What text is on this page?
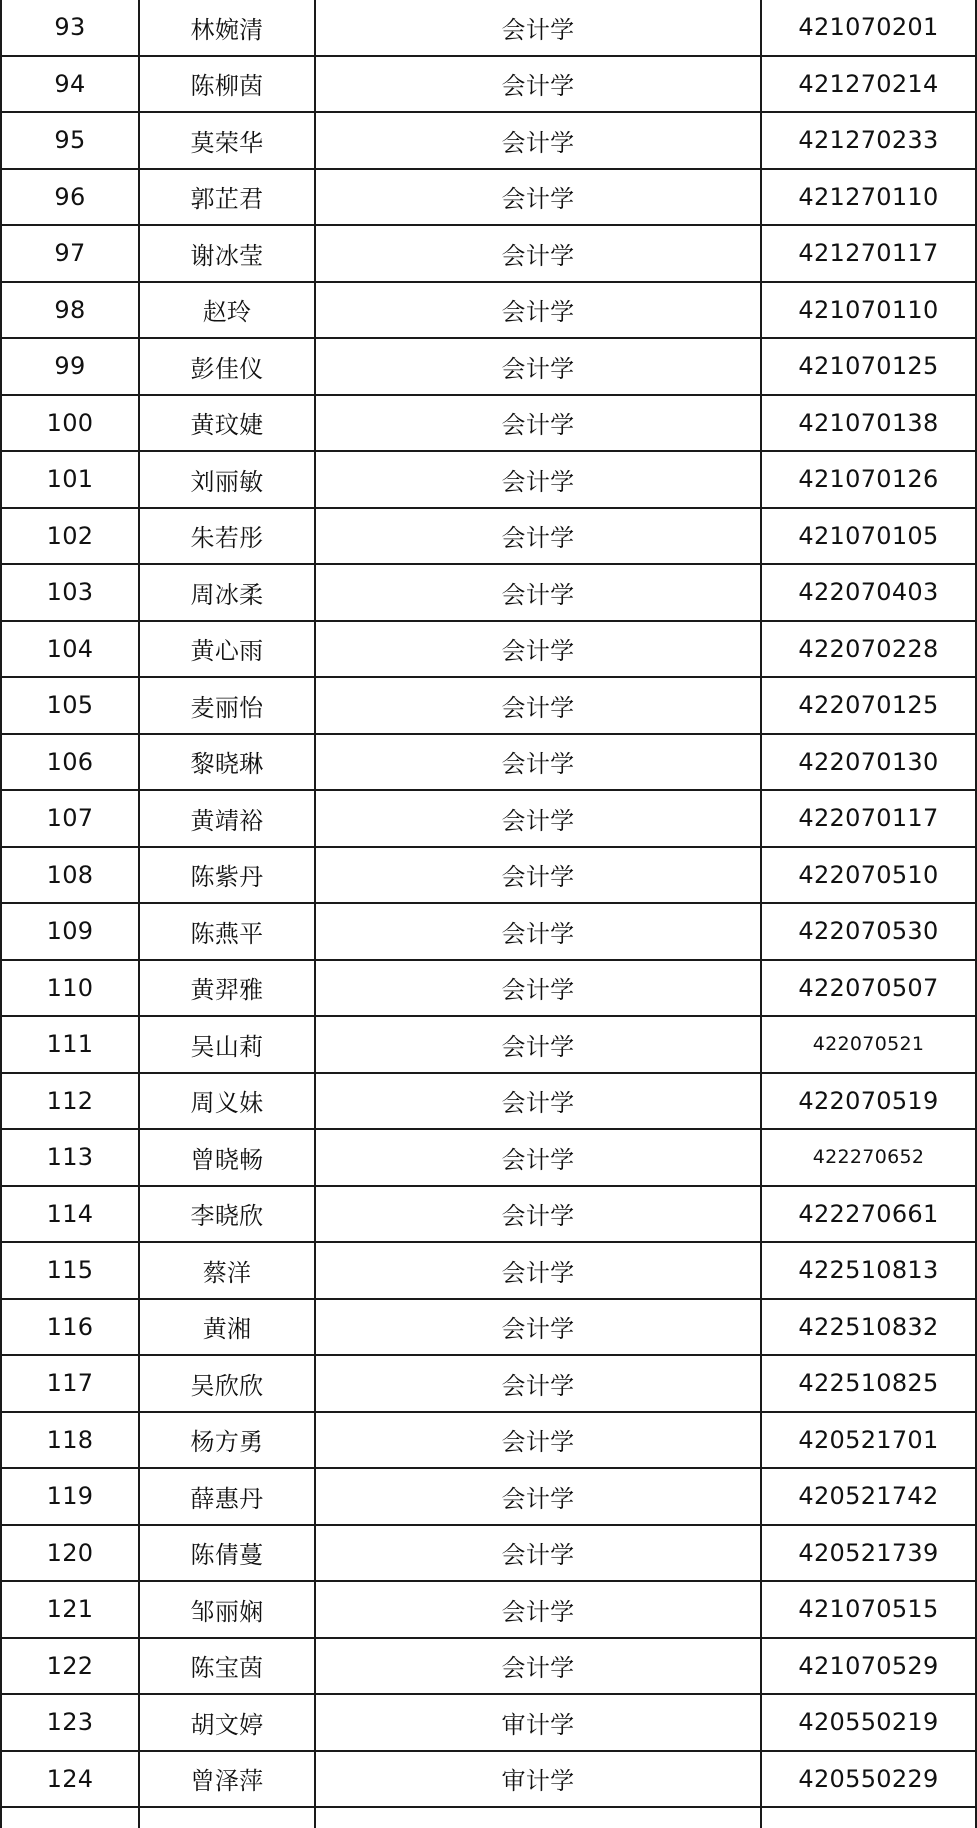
93	林婉清	会计学	421070201
94	陈柳茵	会计学	421270214
95	莫荣华	会计学	421270233
96	郭芷君	会计学	421270110
97	谢冰莹	会计学	421270117
98	赵玲	会计学	421070110
99	彭佳仪	会计学	421070125
100	黄玟婕	会计学	421070138
101	刘丽敏	会计学	421070126
102	朱若彤	会计学	421070105
103	周冰柔	会计学	422070403
104	黄心雨	会计学	422070228
105	麦丽怡	会计学	422070125
106	黎晓琳	会计学	422070130
107	黄靖裕	会计学	422070117
108	陈紫丹	会计学	422070510
109	陈燕平	会计学	422070530
110	黄羿雅	会计学	422070507
111	吴山莉	会计学	422070521
112	周义妹	会计学	422070519
113	曾晓畅	会计学	422270652
114	李晓欣	会计学	422270661
115	蔡洋	会计学	422510813
116	黄湘	会计学	422510832
117	吴欣欣	会计学	422510825
118	杨方勇	会计学	420521701
119	薛惠丹	会计学	420521742
120	陈倩蔓	会计学	420521739
121	邹丽娴	会计学	421070515
122	陈宝茵	会计学	421070529
123	胡文婷	审计学	420550219
124	曾泽萍	审计学	420550229
